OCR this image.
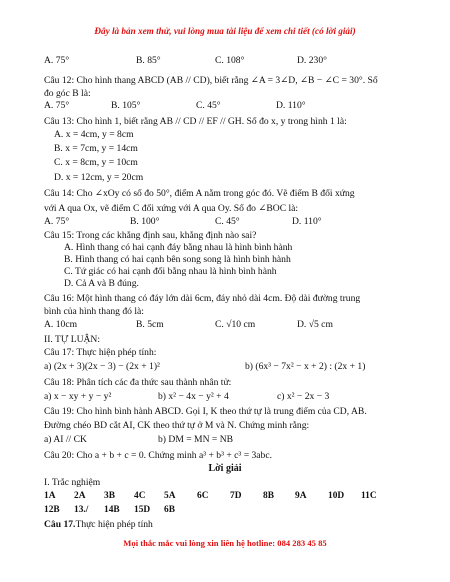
Đây là bản xem thử, vui lòng mua tài liệu để xem chi tiết (có lời giải)
A. 75°	B. 85°	C. 108°	D. 230°
Câu 12: Cho hình thang ABCD (AB // CD), biết rằng ∠A = 3∠D, ∠B − ∠C = 30°. Số
đo góc B là:
A. 75°	B. 105°	C. 45°	D. 110°
Câu 13: Cho hình 1, biết rằng AB // CD // EF // GH. Số đo x, y trong hình 1 là:
A. x = 4cm, y = 8cm
B. x = 7cm, y = 14cm
C. x = 8cm, y = 10cm
D. x = 12cm, y = 20cm
Câu 14: Cho ∠xOy có số đo 50°, điểm A nằm trong góc đó. Vẽ điểm B đối xứng
với A qua Ox, vẽ điểm C đối xứng với A qua Oy. Số đo ∠BOC là:
A. 75°	B. 100°	C. 45°	D. 110°
Câu 15: Trong các khẳng định sau, khẳng định nào sai?
A. Hình thang có hai cạnh đáy bằng nhau là hình bình hành
B. Hình thang có hai cạnh bên song song là hình bình hành
C. Tứ giác có hai cạnh đối bằng nhau là hình bình hành
D. Cả A và B đúng.
Câu 16: Một hình thang có đáy lớn dài 6cm, đáy nhỏ dài 4cm. Độ dài đường trung
bình của hình thang đó là:
A. 10cm	B. 5cm	C. √10 cm	D. √5 cm
II. TỰ LUẬN:
Câu 17: Thực hiện phép tính:
a) (2x + 3)(2x − 3) − (2x + 1)²	b) (6x³ − 7x² − x + 2) : (2x + 1)
Câu 18: Phân tích các đa thức sau thành nhân tử:
a) x − xy + y − y²	b) x² − 4x − y² + 4	c) x² − 2x − 3
Câu 19: Cho hình bình hành ABCD. Gọi I, K theo thứ tự là trung điểm của CD, AB.
Đường chéo BD cắt AI, CK theo thứ tự ở M và N. Chứng minh rằng:
a) AI // CK	b) DM = MN = NB
Câu 20: Cho a + b + c = 0. Chứng minh a³ + b³ + c³ = 3abc.
Lời giải
I. Trắc nghiệm
1A 2A 3B 4C 5A 6C 7D 8B 9A 10D 11C
12B 13./ 14B 15D 6B
Câu 17.Thực hiện phép tính
Mọi thắc mắc vui lòng xin liên hệ hotline: 084 283 45 85
